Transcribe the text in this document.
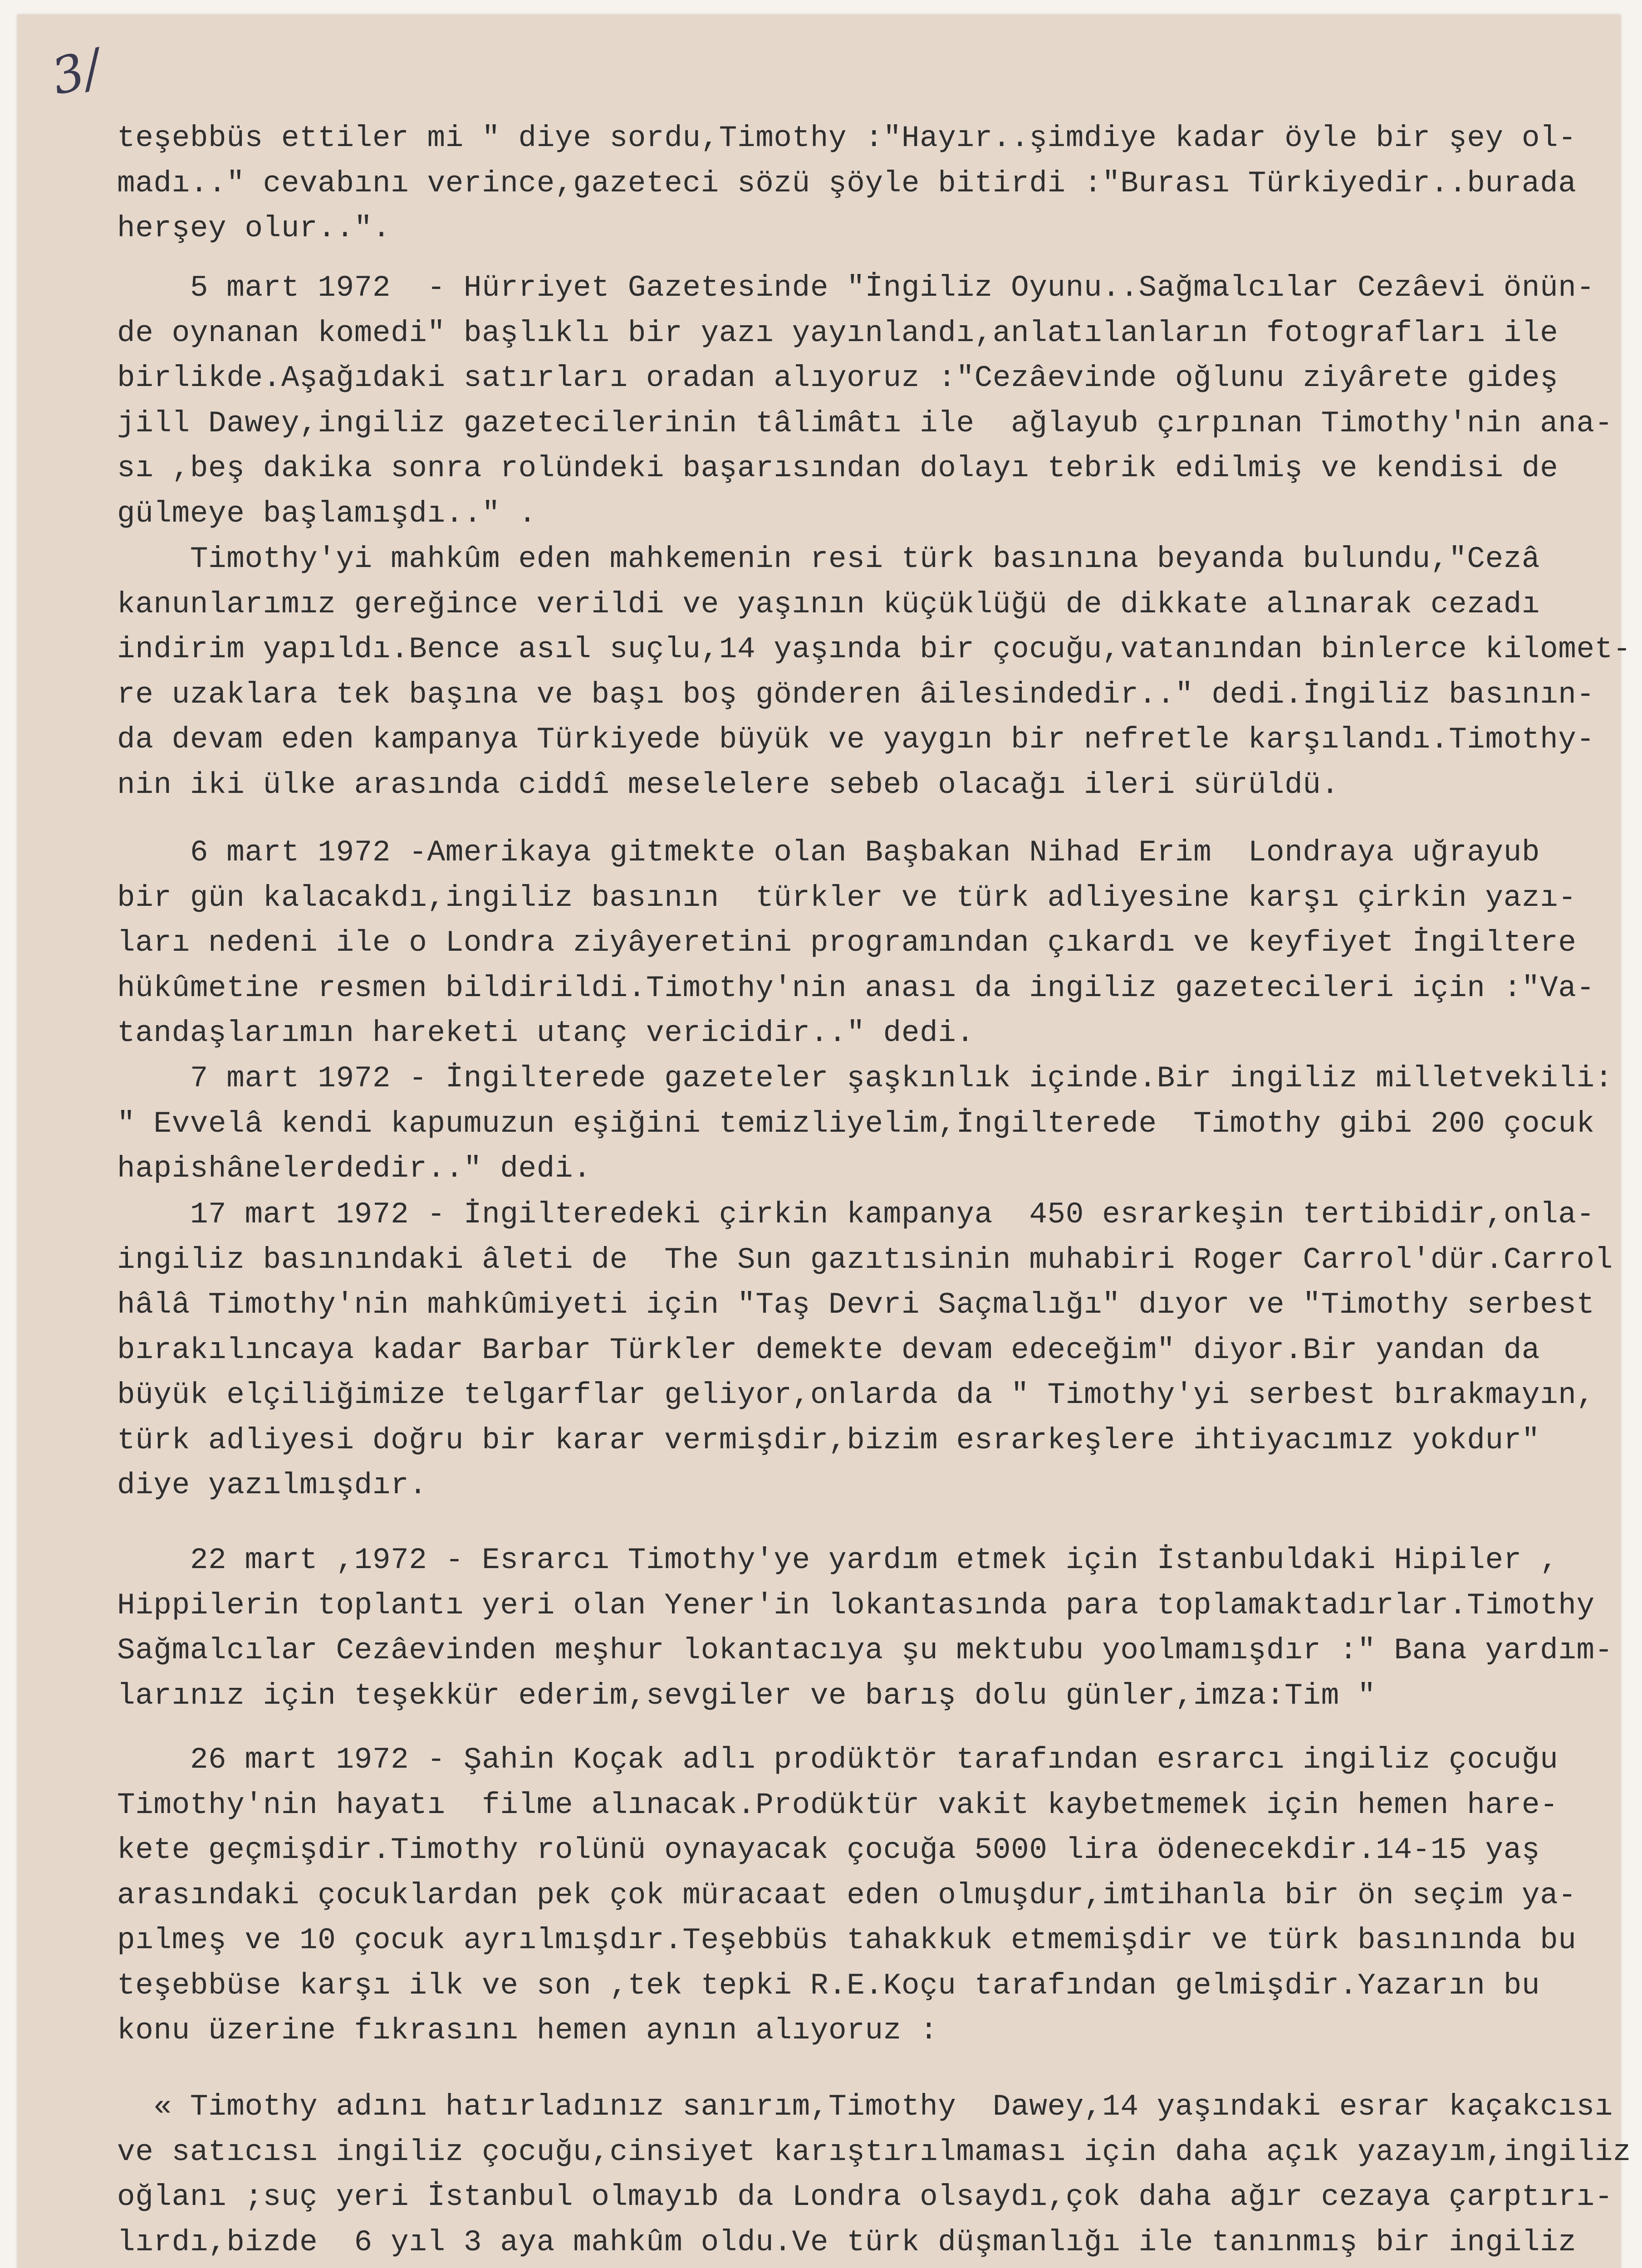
3/
teşebbüs ettiler mi " diye sordu,Timothy :"Hayır..şimdiye kadar öyle bir şey ol-
madı.." cevabını verince,gazeteci sözü şöyle bitirdi :"Burası Türkiyedir..burada
herşey olur..".
5 mart 1972  - Hürriyet Gazetesinde "İngiliz Oyunu..Sağmalcılar Cezâevi önün-
de oynanan komedi" başlıklı bir yazı yayınlandı,anlatılanların fotografları ile
birlikde.Aşağıdaki satırları oradan alıyoruz :"Cezâevinde oğlunu ziyârete gideş
jill Dawey,ingiliz gazetecilerinin tâlimâtı ile  ağlayub çırpınan Timothy'nin ana-
sı ,beş dakika sonra rolündeki başarısından dolayı tebrik edilmiş ve kendisi de
gülmeye başlamışdı.." .
Timothy'yi mahkûm eden mahkemenin resi türk basınına beyanda bulundu,"Cezâ
kanunlarımız gereğince verildi ve yaşının küçüklüğü de dikkate alınarak cezadı
indirim yapıldı.Bence asıl suçlu,14 yaşında bir çocuğu,vatanından binlerce kilomet-
re uzaklara tek başına ve başı boş gönderen âilesindedir.." dedi.İngiliz basının-
da devam eden kampanya Türkiyede büyük ve yaygın bir nefretle karşılandı.Timothy-
nin iki ülke arasında ciddî meselelere sebeb olacağı ileri sürüldü.
6 mart 1972 -Amerikaya gitmekte olan Başbakan Nihad Erim  Londraya uğrayub
bir gün kalacakdı,ingiliz basının  türkler ve türk adliyesine karşı çirkin yazı-
ları nedeni ile o Londra ziyâyeretini programından çıkardı ve keyfiyet İngiltere
hükûmetine resmen bildirildi.Timothy'nin anası da ingiliz gazetecileri için :"Va-
tandaşlarımın hareketi utanç vericidir.." dedi.
7 mart 1972 - İngilterede gazeteler şaşkınlık içinde.Bir ingiliz milletvekili:
" Evvelâ kendi kapumuzun eşiğini temizliyelim,İngilterede  Timothy gibi 200 çocuk
hapishânelerdedir.." dedi.
17 mart 1972 - İngilteredeki çirkin kampanya  450 esrarkeşin tertibidir,onla-
ingiliz basınındaki âleti de  The Sun gazıtısinin muhabiri Roger Carrol'dür.Carrol
hâlâ Timothy'nin mahkûmiyeti için "Taş Devri Saçmalığı" dıyor ve "Timothy serbest
bırakılıncaya kadar Barbar Türkler demekte devam edeceğim" diyor.Bir yandan da
büyük elçiliğimize telgarflar geliyor,onlarda da " Timothy'yi serbest bırakmayın,
türk adliyesi doğru bir karar vermişdir,bizim esrarkeşlere ihtiyacımız yokdur"
diye yazılmışdır.
22 mart ,1972 - Esrarcı Timothy'ye yardım etmek için İstanbuldaki Hipiler ,
Hippilerin toplantı yeri olan Yener'in lokantasında para toplamaktadırlar.Timothy
Sağmalcılar Cezâevinden meşhur lokantacıya şu mektubu yoolmamışdır :" Bana yardım-
larınız için teşekkür ederim,sevgiler ve barış dolu günler,imza:Tim "
26 mart 1972 - Şahin Koçak adlı prodüktör tarafından esrarcı ingiliz çocuğu
Timothy'nin hayatı  filme alınacak.Prodüktür vakit kaybetmemek için hemen hare-
kete geçmişdir.Timothy rolünü oynayacak çocuğa 5000 lira ödenecekdir.14-15 yaş
arasındaki çocuklardan pek çok müracaat eden olmuşdur,imtihanla bir ön seçim ya-
pılmeş ve 10 çocuk ayrılmışdır.Teşebbüs tahakkuk etmemişdir ve türk basınında bu
teşebbüse karşı ilk ve son ,tek tepki R.E.Koçu tarafından gelmişdir.Yazarın bu
konu üzerine fıkrasını hemen aynın alıyoruz :
« Timothy adını hatırladınız sanırım,Timothy  Dawey,14 yaşındaki esrar kaçakcısı
ve satıcısı ingiliz çocuğu,cinsiyet karıştırılmaması için daha açık yazayım,ingiliz
oğlanı ;suç yeri İstanbul olmayıb da Londra olsaydı,çok daha ağır cezaya çarptırı-
lırdı,bizde  6 yıl 3 aya mahkûm oldu.Ve türk düşmanlığı ile tanınmış bir ingiliz
